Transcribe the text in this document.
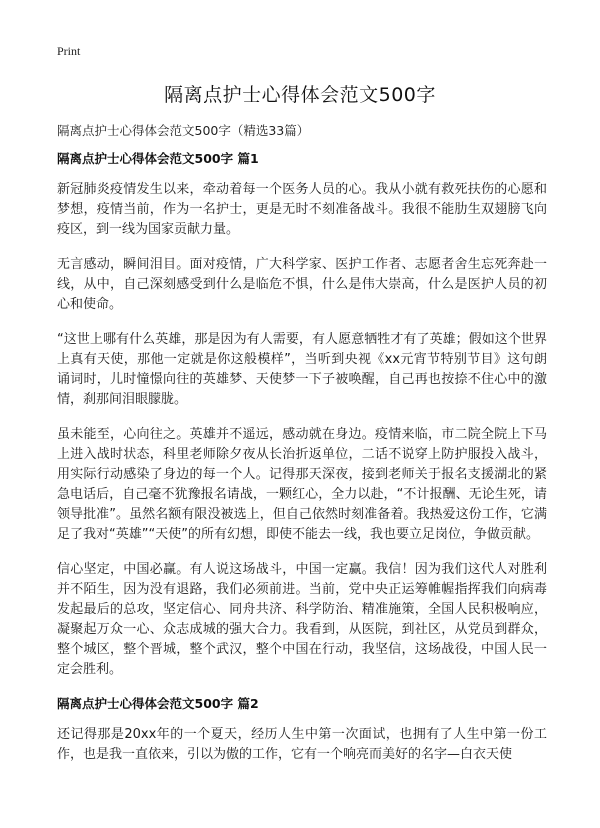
Print
隔离点护士心得体会范文500字
隔离点护士心得体会范文500字（精选33篇）
隔离点护士心得体会范文500字 篇1

新冠肺炎疫情发生以来，牵动着每一个医务人员的心。我从小就有救死扶伤的心愿和梦想，疫情当前，作为一名护士，更是无时不刻准备战斗。我很不能肋生双翅膀飞向疫区，到一线为国家贡献力量。

无言感动，瞬间泪目。面对疫情，广大科学家、医护工作者、志愿者舍生忘死奔赴一线，从中，自己深刻感受到什么是临危不惧，什么是伟大崇高，什么是医护人员的初心和使命。

“这世上哪有什么英雄，那是因为有人需要，有人愿意牺牲才有了英雄；假如这个世界上真有天使，那他一定就是你这般模样”，当听到央视《xx元宵节特别节目》这句朗诵词时，儿时憧憬向往的英雄梦、天使梦一下子被唤醒，自己再也按捺不住心中的激情，刹那间泪眼朦胧。

虽未能至，心向往之。英雄并不遥远，感动就在身边。疫情来临，市二院全院上下马上进入战时状态，科里老师除夕夜从长治折返单位，二话不说穿上防护服投入战斗，用实际行动感染了身边的每一个人。记得那天深夜，接到老师关于报名支援湖北的紧急电话后，自己毫不犹豫报名请战，一颗红心，全力以赴，“不计报酬、无论生死，请领导批准”。虽然名额有限没被选上，但自己依然时刻准备着。我热爱这份工作，它满足了我对“英雄”“天使”的所有幻想，即使不能去一线，我也要立足岗位，争做贡献。

信心坚定，中国必赢。有人说这场战斗，中国一定赢。我信！因为我们这代人对胜利并不陌生，因为没有退路，我们必须前进。当前，党中央正运筹帷幄指挥我们向病毒发起最后的总攻，坚定信心、同舟共济、科学防治、精准施策，全国人民积极响应，凝聚起万众一心、众志成城的强大合力。我看到，从医院，到社区，从党员到群众，整个城区，整个晋城，整个武汉，整个中国在行动，我坚信，这场战役，中国人民一定会胜利。

隔离点护士心得体会范文500字 篇2

还记得那是20xx年的一个夏天，经历人生中第一次面试，也拥有了人生中第一份工作，也是我一直依来，引以为傲的工作，它有一个响亮而美好的名字—白衣天使
